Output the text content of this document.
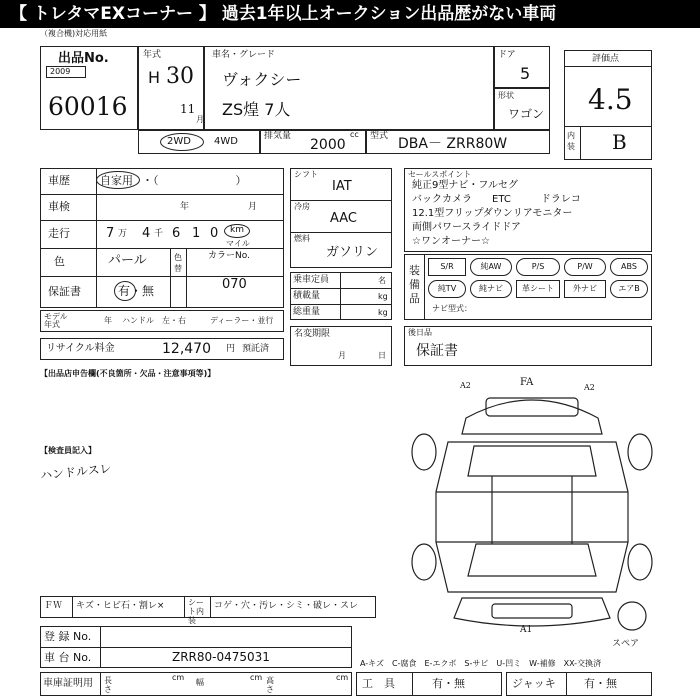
【 トレタマEXコーナー 】 過去1年以上オークション出品歴がない車両
（複合機)対応用紙
出品No.
2009
60016
年式
H 30
11
月
車名・グレード
ヴォクシー
ZS煌 7人
ドア
5
形状
ワゴン
評価点
4.5
内装 B
2WD 4WD	排気量
2000
cc 型式 DBA－ ZRR80W
車歴	自家用 ・（　　　　　　　）
車検	年	月
走行	7 万 4 千 6 1 0 km
マイル
色	パール	色替
カラーNo.
070
保証書	有・無
モデル年式	年 ハンドル　左・右	ディーラー・並行
リサイクル料金	12,470 円 預託済
シフト
IAT
冷房
AAC
燃料
ガソリン
乗車定員	名
積載量	kg
総重量	kg
名変期限
月	日
セールスポイント
純正9型ナビ・フルセグ
バックカメラ　　ETC　　　ドラレコ
12.1型フリップダウンリアモニター
両側パワースライドドア
☆ワンオーナー☆
装備品
S/R	純AW	P/S	P/W	ABS
純TV	純ナビ	革シート	外ナビ	エアB
ナビ型式：
後日品
保証書
【出品店申告欄(不良箇所・欠品・注意事項等)】
【検査員記入】
ハンドルスレ
FA
A2	A2
A1
スペア
ＦＷ キズ・ヒビ石・割レ×	シート内装
コゲ・穴・汚レ・シミ・破レ・スレ
登 録 No.
車 台 No.	ZRR80-0475031	A-キズ　C-腐食　E-エクボ　S-サビ　U-凹ミ　W-補修　XX-交換済
車庫証明用 長さ
cm
幅
cm 高さ
cm 工　具	有・無	ジャッキ	有・無
